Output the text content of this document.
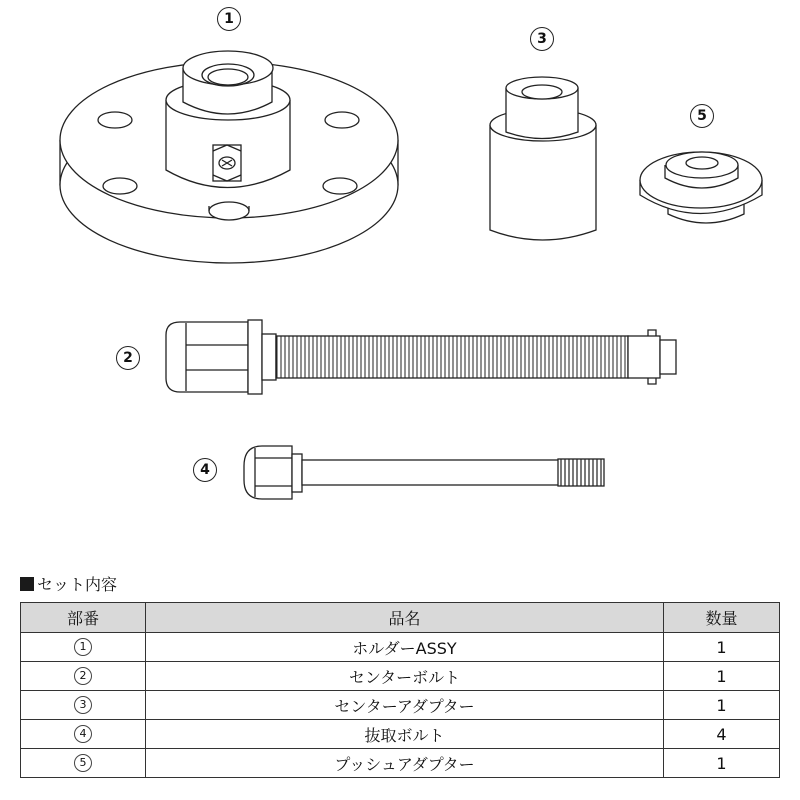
1
3
5
2
4
セット内容
部番	品名	数量
1	ホルダーASSY	1
2	センターボルト	1
3	センターアダプター	1
4	抜取ボルト	4
5	プッシュアダプター	1
